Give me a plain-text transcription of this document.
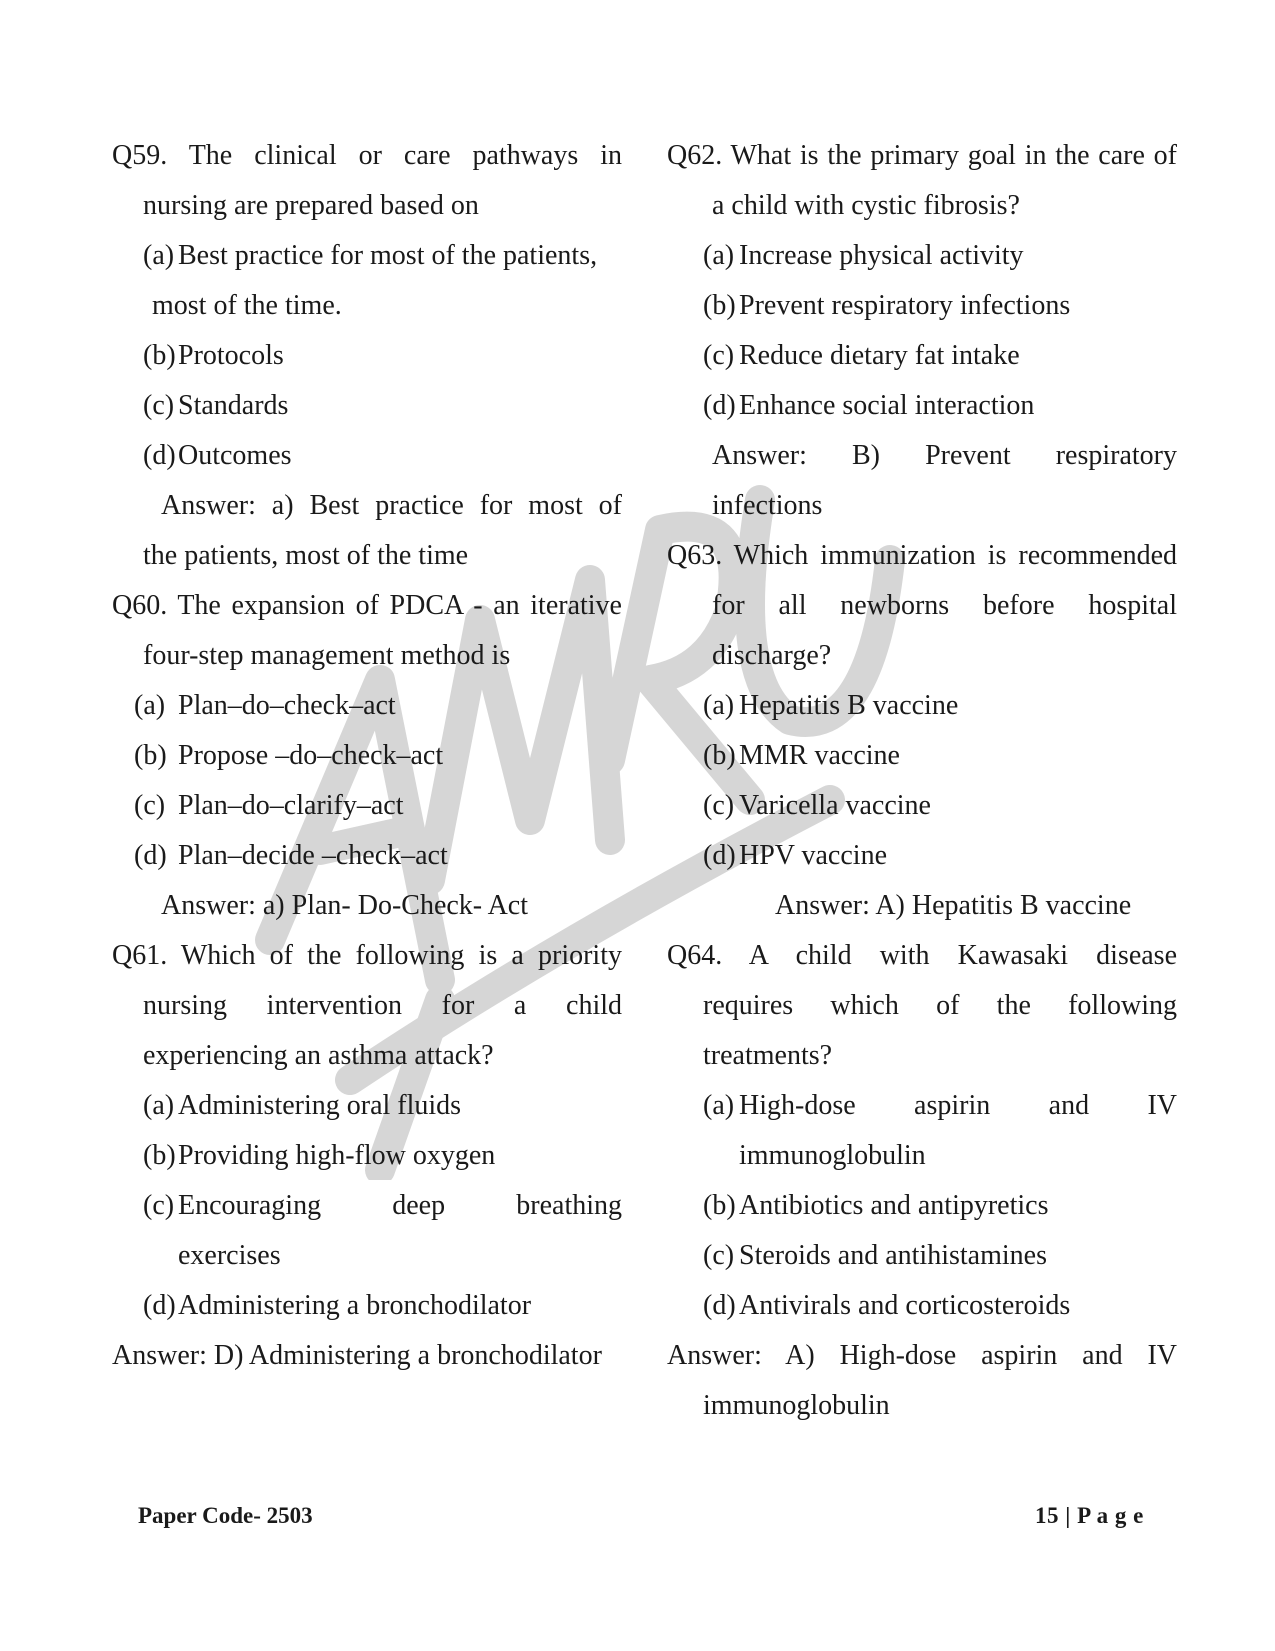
Q59. The clinical or care pathways in
nursing are prepared based on
(a) Best practice for most of the patients,
most of the time.
(b) Protocols
(c) Standards
(d) Outcomes
Answer: a) Best practice for most of
the patients, most of the time
Q60. The expansion of PDCA - an iterative
four-step management method is
(a) Plan–do–check–act
(b) Propose –do–check–act
(c) Plan–do–clarify–act
(d) Plan–decide –check–act
Answer: a) Plan- Do-Check- Act
Q61. Which of the following is a priority
nursing intervention for a child
experiencing an asthma attack?
(a) Administering oral fluids
(b) Providing high-flow oxygen
(c) Encouraging deep breathing
exercises
(d) Administering a bronchodilator
Answer: D) Administering a bronchodilator
Q62. What is the primary goal in the care of
a child with cystic fibrosis?
(a) Increase physical activity
(b) Prevent respiratory infections
(c) Reduce dietary fat intake
(d) Enhance social interaction
Answer: B) Prevent respiratory
infections
Q63. Which immunization is recommended
for all newborns before hospital
discharge?
(a) Hepatitis B vaccine
(b) MMR vaccine
(c) Varicella vaccine
(d) HPV vaccine
Answer: A) Hepatitis B vaccine
Q64. A child with Kawasaki disease
requires which of the following
treatments?
(a) High-dose aspirin and IV
immunoglobulin
(b) Antibiotics and antipyretics
(c) Steroids and antihistamines
(d) Antivirals and corticosteroids
Answer: A) High-dose aspirin and IV
immunoglobulin
Paper Code- 2503	15 | P a g e
